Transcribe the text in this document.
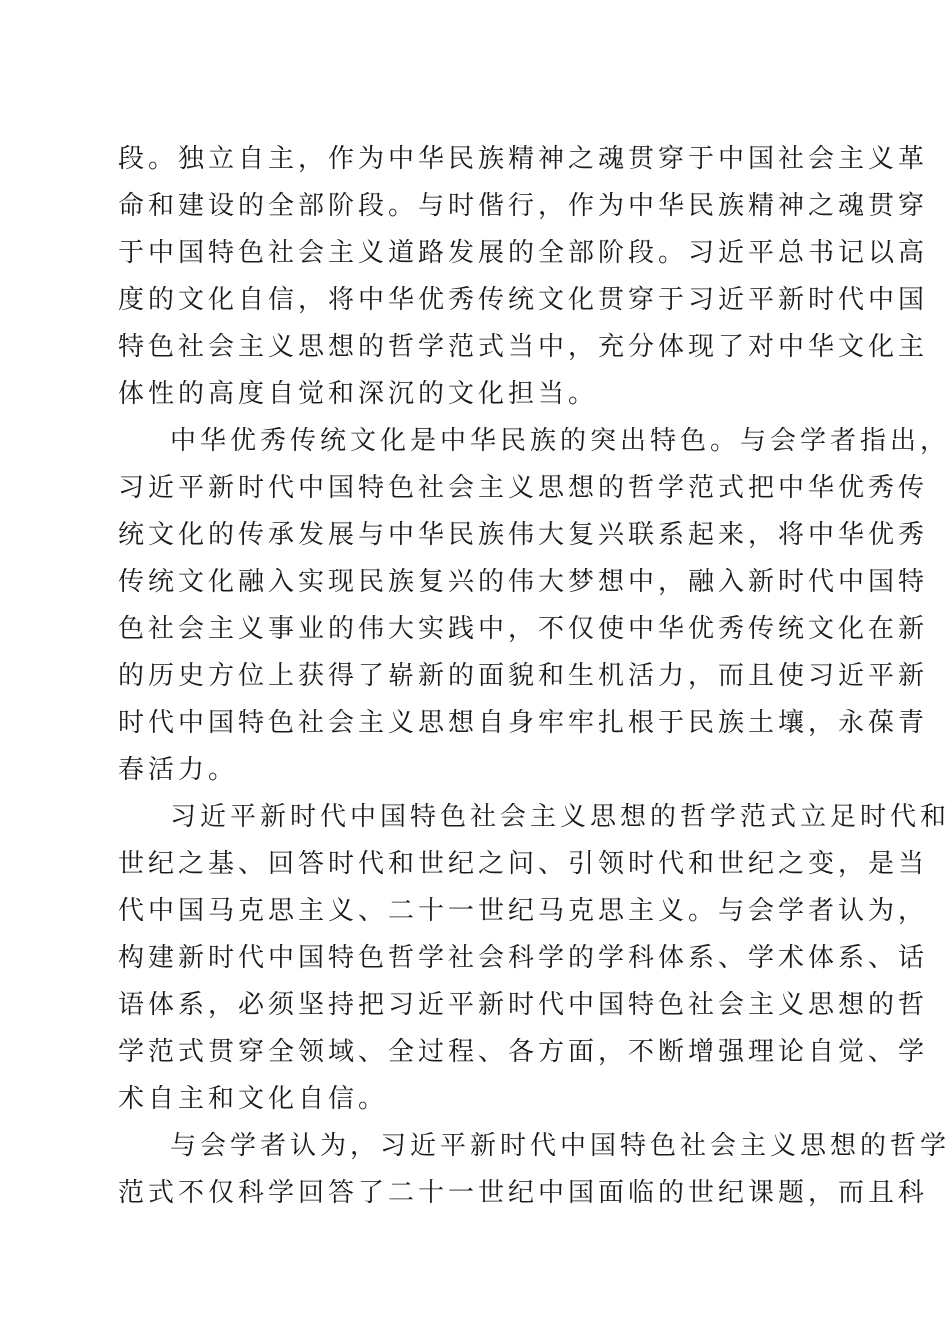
段。独立自主，作为中华民族精神之魂贯穿于中国社会主义革
命和建设的全部阶段。与时偕行，作为中华民族精神之魂贯穿
于中国特色社会主义道路发展的全部阶段。习近平总书记以高
度的文化自信，将中华优秀传统文化贯穿于习近平新时代中国
特色社会主义思想的哲学范式当中，充分体现了对中华文化主
体性的高度自觉和深沉的文化担当。

中华优秀传统文化是中华民族的突出特色。与会学者指出，
习近平新时代中国特色社会主义思想的哲学范式把中华优秀传
统文化的传承发展与中华民族伟大复兴联系起来，将中华优秀
传统文化融入实现民族复兴的伟大梦想中，融入新时代中国特
色社会主义事业的伟大实践中，不仅使中华优秀传统文化在新
的历史方位上获得了崭新的面貌和生机活力，而且使习近平新
时代中国特色社会主义思想自身牢牢扎根于民族土壤，永葆青
春活力。

习近平新时代中国特色社会主义思想的哲学范式立足时代和
世纪之基、回答时代和世纪之问、引领时代和世纪之变，是当
代中国马克思主义、二十一世纪马克思主义。与会学者认为，
构建新时代中国特色哲学社会科学的学科体系、学术体系、话
语体系，必须坚持把习近平新时代中国特色社会主义思想的哲
学范式贯穿全领域、全过程、各方面，不断增强理论自觉、学
术自主和文化自信。

与会学者认为，习近平新时代中国特色社会主义思想的哲学
范式不仅科学回答了二十一世纪中国面临的世纪课题，而且科
